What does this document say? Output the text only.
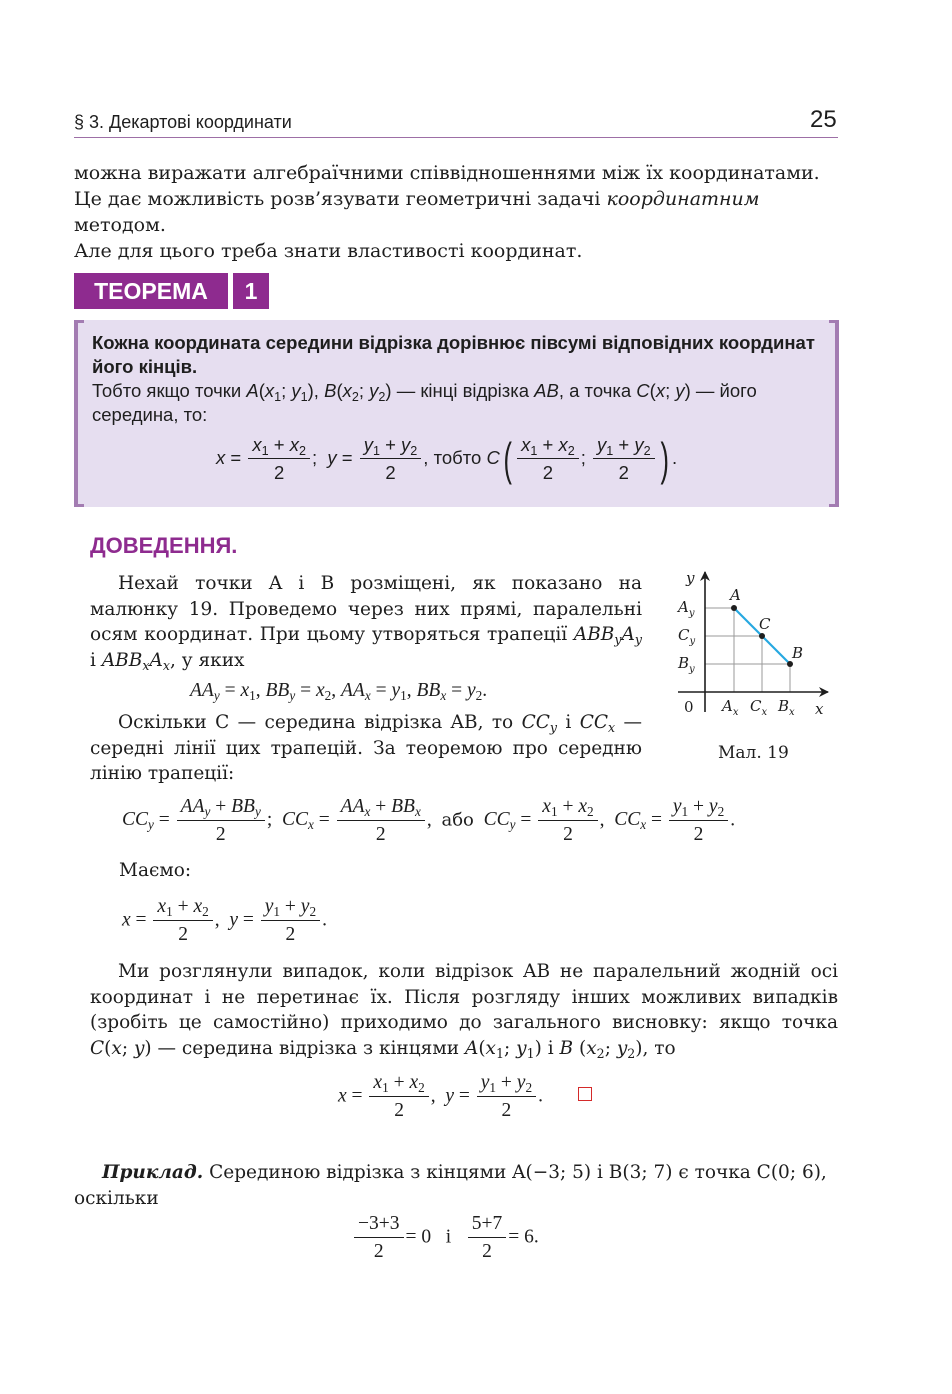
§ 3. Декартові координати	25
можна виражати алгебраїчними співвідношеннями між їх координатами.
Це дає можливість розв’язувати геометричні задачі координатним методом.
Але для цього треба знати властивості координат.
ТЕОРЕМА	1
Кожна координата середини відрізка дорівнює півсумі відповідних координат його кінців.
Тобто якщо точки $A(x_1$; $y_1$), $B(x_2$; $y_2$) — кінці відрізка AB, а точка C(x; y) — його середина, то:
$x = \frac{x_1 + x_2}{2}$ ;  $y = \frac{y_1 + y_2}{2}$ , тобто $C( \frac{x_1 + x_2}{2}$ ; $\frac{y_1 + y_2}{2}$ ) .
ДОВЕДЕННЯ.
Нехай точки A і B розміщені, як показано на малюнку 19. Проведемо через них прямі, паралельні осям координат. При цьому утворяться трапеції $ABB_yA_y$ і $ABB_xA_x$, у яких
$AA_y = x_1$, $BB_y = x_2$, $AA_x = y_1$, $BB_x = y_2$.
Оскільки C — середина відрізка AB, то $CC_y$ і $CC_x$ — середні лінії цих трапецій. За теоремою про середню лінію трапеції:
y
x
A
C
B
$A_y$
$C_y$
$B_y$
$A_x$ $C_x$ $B_x$
0
Мал. 19
$CC_y = \frac{AA_y + BB_y}{2}$ ;  $CC_x = \frac{AA_x + BB_x}{2}$ ,  або $CC_y = \frac{x_1 + x_2}{2}$ ,  $CC_x = \frac{y_1 + y_2}{2}$ .
Маємо:
$x = \frac{x_1 + x_2}{2}$ ,  $y = \frac{y_1 + y_2}{2}$ .
Ми розглянули випадок, коли відрізок AB не паралельний жодній осі координат і не перетинає їх. Після розгляду інших можливих випадків (зробіть це самостійно) приходимо до загального висновку: якщо точка C(x; y) — середина відрізка з кінцями $A(x_1$; $y_1$) і B ($x_2$; $y_2$), то
$x = \frac{x_1 + x_2}{2}$ ,  $y = \frac{y_1 + y_2}{2}$ .
Приклад. Серединою відрізка з кінцями A(−3; 5) і B(3; 7) є точка C(0; 6),
оскільки
$\frac{-3+3}{2} = 0$ і $\frac{5+7}{2} = 6$.
